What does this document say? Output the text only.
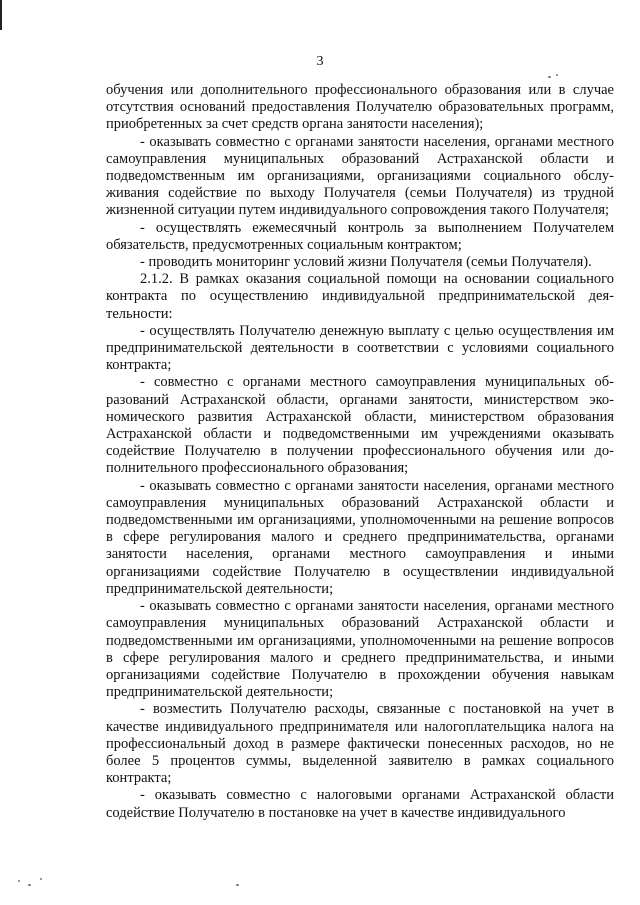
3

обучения или дополнительного профессионального образования или в случае отсутствия оснований предоставления Получателю образовательных программ, приобретенных за счет средств органа занятости населения);

- оказывать совместно с органами занятости населения, органами местного самоуправления муниципальных образований Астраханской области и подведомственным им организациями, организациями социального обслуживания содействие по выходу Получателя (семьи Получателя) из трудной жизненной ситуации путем индивидуального сопровождения такого Получателя;

- осуществлять ежемесячный контроль за выполнением Получателем обязательств, предусмотренных социальным контрактом;

- проводить мониторинг условий жизни Получателя (семьи Получателя).

2.1.2. В рамках оказания социальной помощи на основании социального контракта по осуществлению индивидуальной предпринимательской деятельности:

- осуществлять Получателю денежную выплату с целью осуществления им предпринимательской деятельности в соответствии с условиями социального контракта;

- совместно с органами местного самоуправления муниципальных образований Астраханской области, органами занятости, министерством экономического развития Астраханской области, министерством образования Астраханской области и подведомственными им учреждениями оказывать содействие Получателю в получении профессионального обучения или дополнительного профессионального образования;

- оказывать совместно с органами занятости населения, органами местного самоуправления муниципальных образований Астраханской области и подведомственными им организациями, уполномоченными на решение вопросов в сфере регулирования малого и среднего предпринимательства, органами занятости населения, органами местного самоуправления и иными организациями содействие Получателю в осуществлении индивидуальной предпринимательской деятельности;

- оказывать совместно с органами занятости населения, органами местного самоуправления муниципальных образований Астраханской области и подведомственными им организациями, уполномоченными на решение вопросов в сфере регулирования малого и среднего предпринимательства, и иными организациями содействие Получателю в прохождении обучения навыкам предпринимательской деятельности;

- возместить Получателю расходы, связанные с постановкой на учет в качестве индивидуального предпринимателя или налогоплательщика налога на профессиональный доход в размере фактически понесенных расходов, но не более 5 процентов суммы, выделенной заявителю в рамках социального контракта;

- оказывать совместно с налоговыми органами Астраханской области содействие Получателю в постановке на учет в качестве индивидуального
